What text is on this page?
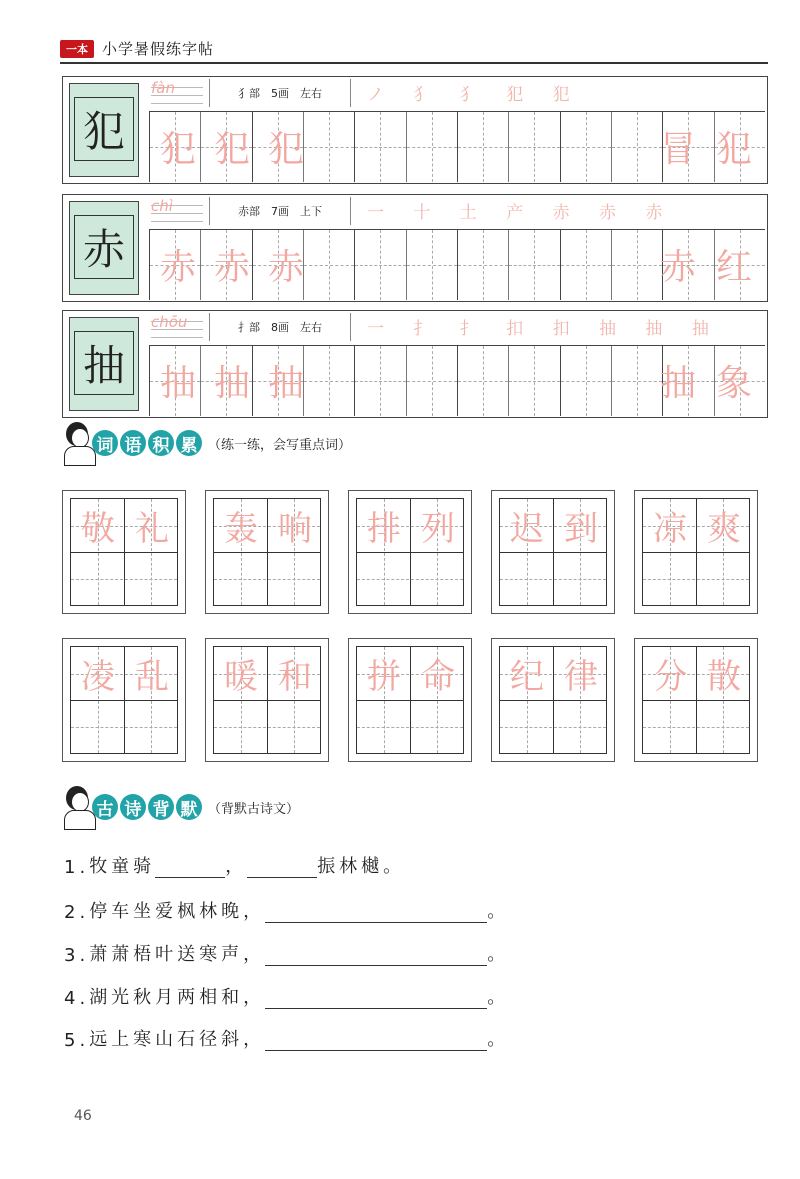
一本 小学暑假练字帖
犯
fàn	犭部　5画　左右	ノ 犭 犭 犯 犯
犯 犯 犯	冒 犯
赤
chì	赤部　7画　上下	一 十 土 产 赤 赤 赤
赤 赤 赤	赤 红
抽
chōu	扌部　8画　左右	一 扌 扌 扣 扣 抽 抽 抽
抽 抽 抽	抽 象
词 语 积 累 （练一练，会写重点词）
敬 礼 轰 响 排 列 迟 到 凉 爽
凌 乱 暖 和 拼 命 纪 律 分 散
古 诗 背 默 （背默古诗文）
1. 牧童骑	，	振林樾。
2. 停车坐爱枫林晚，	。
3. 萧萧梧叶送寒声，	。
4. 湖光秋月两相和，	。
5. 远上寒山石径斜，	。
46
